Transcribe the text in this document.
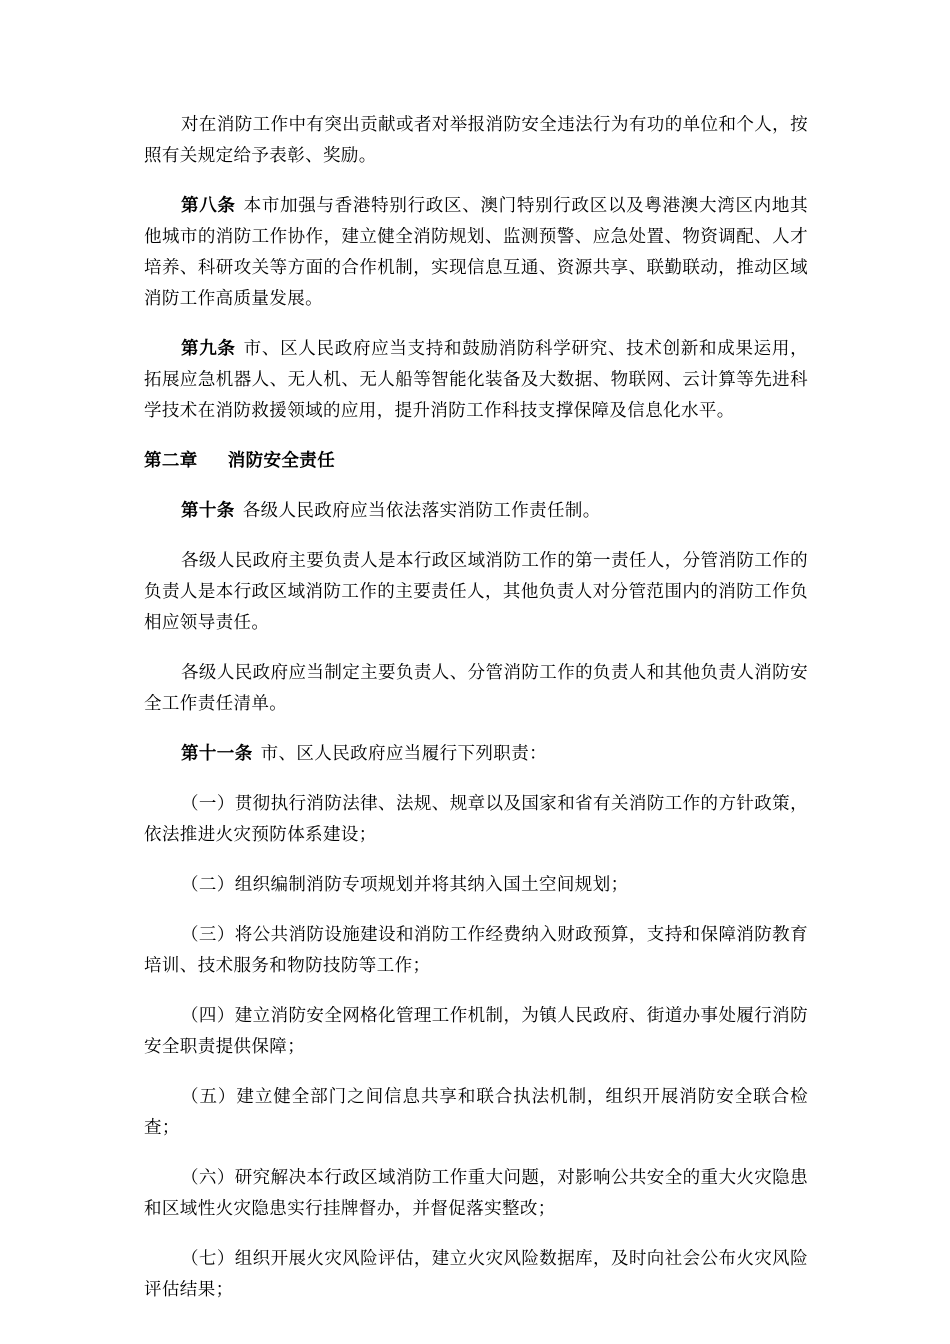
对在消防工作中有突出贡献或者对举报消防安全违法行为有功的单位和个人，按照有关规定给予表彰、奖励。

第八条 本市加强与香港特别行政区、澳门特别行政区以及粤港澳大湾区内地其他城市的消防工作协作，建立健全消防规划、监测预警、应急处置、物资调配、人才培养、科研攻关等方面的合作机制，实现信息互通、资源共享、联勤联动，推动区域消防工作高质量发展。

第九条 市、区人民政府应当支持和鼓励消防科学研究、技术创新和成果运用，拓展应急机器人、无人机、无人船等智能化装备及大数据、物联网、云计算等先进科学技术在消防救援领域的应用，提升消防工作科技支撑保障及信息化水平。

第二章 消防安全责任

第十条 各级人民政府应当依法落实消防工作责任制。

各级人民政府主要负责人是本行政区域消防工作的第一责任人，分管消防工作的负责人是本行政区域消防工作的主要责任人，其他负责人对分管范围内的消防工作负相应领导责任。

各级人民政府应当制定主要负责人、分管消防工作的负责人和其他负责人消防安全工作责任清单。

第十一条 市、区人民政府应当履行下列职责：

（一）贯彻执行消防法律、法规、规章以及国家和省有关消防工作的方针政策，依法推进火灾预防体系建设；

（二）组织编制消防专项规划并将其纳入国土空间规划；

（三）将公共消防设施建设和消防工作经费纳入财政预算，支持和保障消防教育培训、技术服务和物防技防等工作；

（四）建立消防安全网格化管理工作机制，为镇人民政府、街道办事处履行消防安全职责提供保障；

（五）建立健全部门之间信息共享和联合执法机制，组织开展消防安全联合检查；

（六）研究解决本行政区域消防工作重大问题，对影响公共安全的重大火灾隐患和区域性火灾隐患实行挂牌督办，并督促落实整改；

（七）组织开展火灾风险评估，建立火灾风险数据库，及时向社会公布火灾风险评估结果；
